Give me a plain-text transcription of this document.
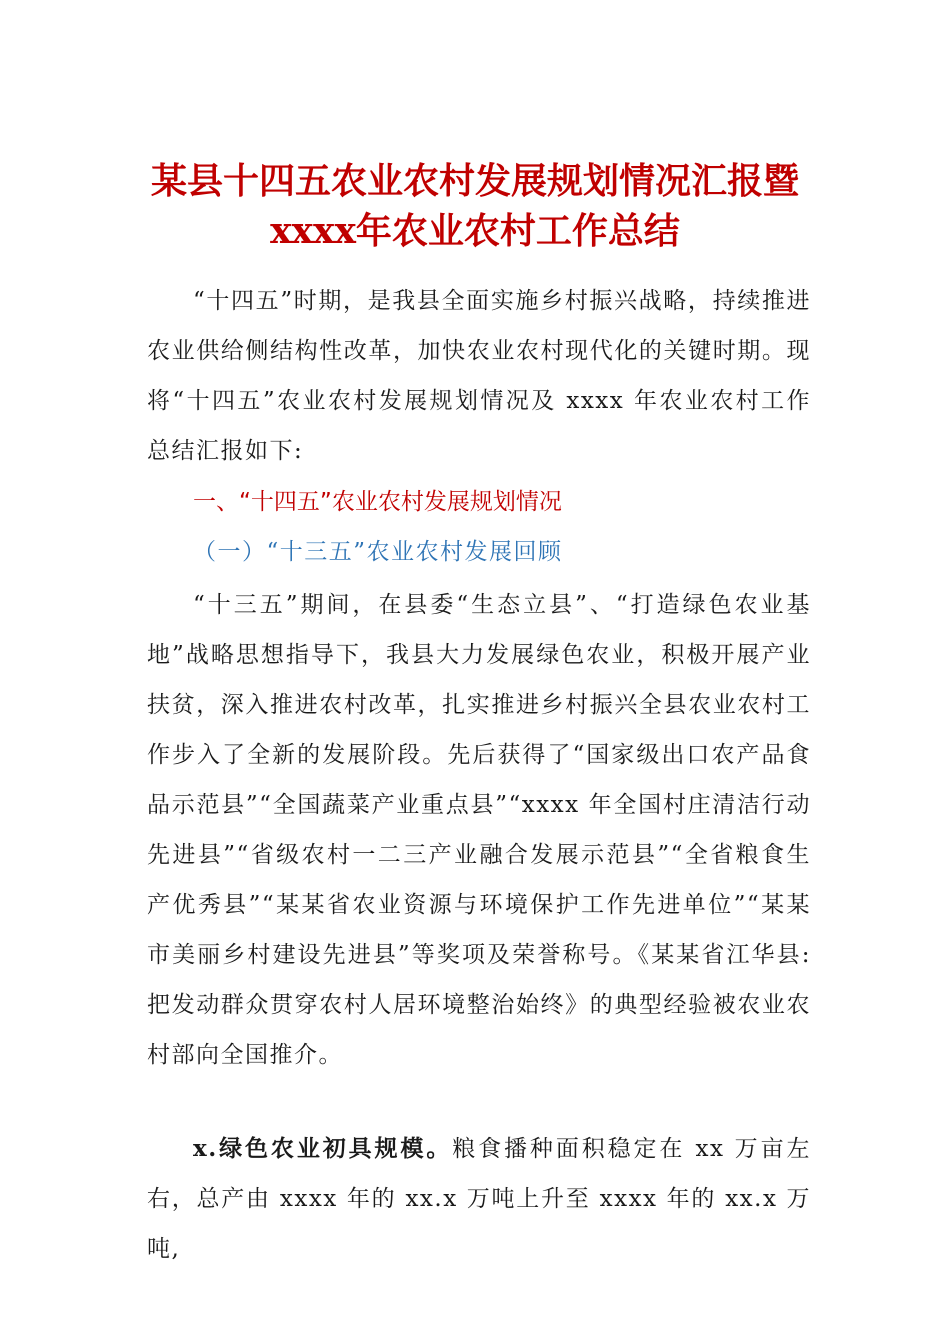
某县十四五农业农村发展规划情况汇报暨
xxxx年农业农村工作总结
“十四五”时期，是我县全面实施乡村振兴战略，持续推进农业供给侧结构性改革，加快农业农村现代化的关键时期。现将“十四五”农业农村发展规划情况及 xxxx 年农业农村工作总结汇报如下:
一、“十四五”农业农村发展规划情况
（一）“十三五”农业农村发展回顾
“十三五”期间，在县委“生态立县”、“打造绿色农业基地”战略思想指导下，我县大力发展绿色农业，积极开展产业扶贫，深入推进农村改革，扎实推进乡村振兴全县农业农村工作步入了全新的发展阶段。先后获得了“国家级出口农产品食品示范县”“全国蔬菜产业重点县”“xxxx 年全国村庄清洁行动先进县”“省级农村一二三产业融合发展示范县”“全省粮食生产优秀县”“某某省农业资源与环境保护工作先进单位”“某某市美丽乡村建设先进县”等奖项及荣誉称号。《某某省江华县: 把发动群众贯穿农村人居环境整治始终》的典型经验被农业农村部向全国推介。
x.绿色农业初具规模。粮食播种面积稳定在 xx 万亩左右，总产由 xxxx 年的 xx.x 万吨上升至 xxxx 年的 xx.x 万吨,
